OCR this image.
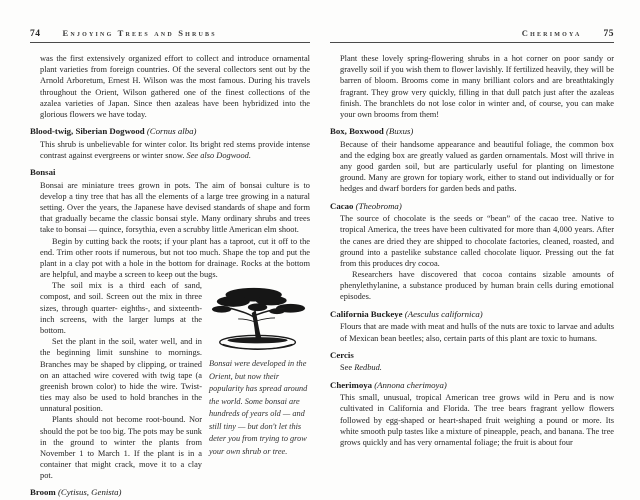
74	Enjoying Trees and Shrubs

was the first extensively organized effort to collect and introduce ornamental plant varieties from foreign countries. Of the several collectors sent out by the Arnold Arboretum, Ernest H. Wilson was the most famous. During his travels throughout the Orient, Wilson gathered one of the finest collections of the azalea varieties of Japan. Since then azaleas have been hybridized into the glorious flowers we have today.

Blood-twig, Siberian Dogwood (Cornus alba)

This shrub is unbelievable for winter color. Its bright red stems provide intense contrast against evergreens or winter snow. See also Dogwood.

Bonsai

Bonsai are miniature trees grown in pots. The aim of bonsai culture is to develop a tiny tree that has all the elements of a large tree growing in a natural setting. Over the years, the Japanese have devised standards of shape and form that gradually became the classic bonsai style. Many ordinary shrubs and trees take to bonsai — quince, forsythia, even a scrubby little American elm shoot.

Begin by cutting back the roots; if your plant has a taproot, cut it off to the end. Trim other roots if numerous, but not too much. Shape the top and put the plant in a clay pot with a hole in the bottom for drainage. Rocks at the bottom are helpful, and maybe a screen to keep out the bugs.

Bonsai were developed in the Orient, but now their popularity has spread around the world. Some bonsai are hundreds of years old — and still tiny — but don't let this deter you from trying to grow your own shrub or tree.

The soil mix is a third each of sand, compost, and soil. Screen out the mix in three sizes, through quarter- eighths-, and sixteenth-inch screens, with the larger lumps at the bottom.

Set the plant in the soil, water well, and in the beginning limit sunshine to mornings. Branches may be shaped by clipping, or trained on an attached wire covered with twig tape (a greenish brown color) to hide the wire. Twist-ties may also be used to hold branches in the unnatural position.

Plants should not become root-bound. Nor should the pot be too big. The pots may be sunk in the ground to winter the plants from November 1 to March 1. If the plant is in a container that might crack, move it to a clay pot.

Broom (Cytisus, Genista)
Cherimoya 75

Plant these lovely spring-flowering shrubs in a hot corner on poor sandy or gravelly soil if you wish them to flower lavishly. If fertilized heavily, they will be barren of bloom. Brooms come in many brilliant colors and are breathtakingly fragrant. They grow very quickly, filling in that dull patch just after the azaleas finish. The branchlets do not lose color in winter and, of course, you can make your own brooms from them!

Box, Boxwood (Buxus)

Because of their handsome appearance and beautiful foliage, the common box and the edging box are greatly valued as garden ornamentals. Most will thrive in any good garden soil, but are particularly useful for planting on limestone ground. Many are grown for topiary work, either to stand out individually or for hedges and dwarf borders for garden beds and paths.

Cacao (Theobroma)

The source of chocolate is the seeds or “bean” of the cacao tree. Native to tropical America, the trees have been cultivated for more than 4,000 years. After the canes are dried they are shipped to chocolate factories, cleaned, roasted, and ground into a pastelike substance called chocolate liquor. Pressing out the fat from this produces dry cocoa.

Researchers have discovered that cocoa contains sizable amounts of phenylethylanine, a substance produced by human brain cells during emotional episodes.

California Buckeye (Aesculus californica)

Flours that are made with meat and hulls of the nuts are toxic to larvae and adults of Mexican bean beetles; also, certain parts of this plant are toxic to humans.

Cercis

See Redbud.

Cherimoya (Annona cherimoya)

This small, unusual, tropical American tree grows wild in Peru and is now cultivated in California and Florida. The tree bears fragrant yellow flowers followed by egg-shaped or heart-shaped fruit weighing a pound or more. Its white smooth pulp tastes like a mixture of pineapple, peach, and banana. The tree grows quickly and has very ornamental foliage; the fruit is about four
